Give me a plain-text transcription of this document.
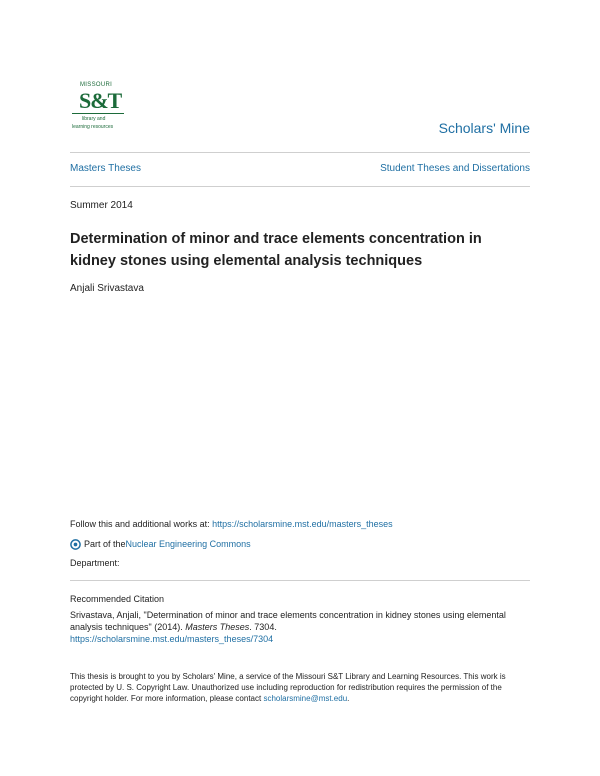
MISSOURI
S&T
library and
learning resources	Scholars' Mine
Masters Theses	Student Theses and Dissertations
Summer 2014
Determination of minor and trace elements concentration in kidney stones using elemental analysis techniques
Anjali Srivastava
Follow this and additional works at: https://scholarsmine.mst.edu/masters_theses
Part of the Nuclear Engineering Commons
Department:
Recommended Citation
Srivastava, Anjali, "Determination of minor and trace elements concentration in kidney stones using elemental analysis techniques" (2014). Masters Theses. 7304.
https://scholarsmine.mst.edu/masters_theses/7304
This thesis is brought to you by Scholars' Mine, a service of the Missouri S&T Library and Learning Resources. This work is protected by U. S. Copyright Law. Unauthorized use including reproduction for redistribution requires the permission of the copyright holder. For more information, please contact scholarsmine@mst.edu.
